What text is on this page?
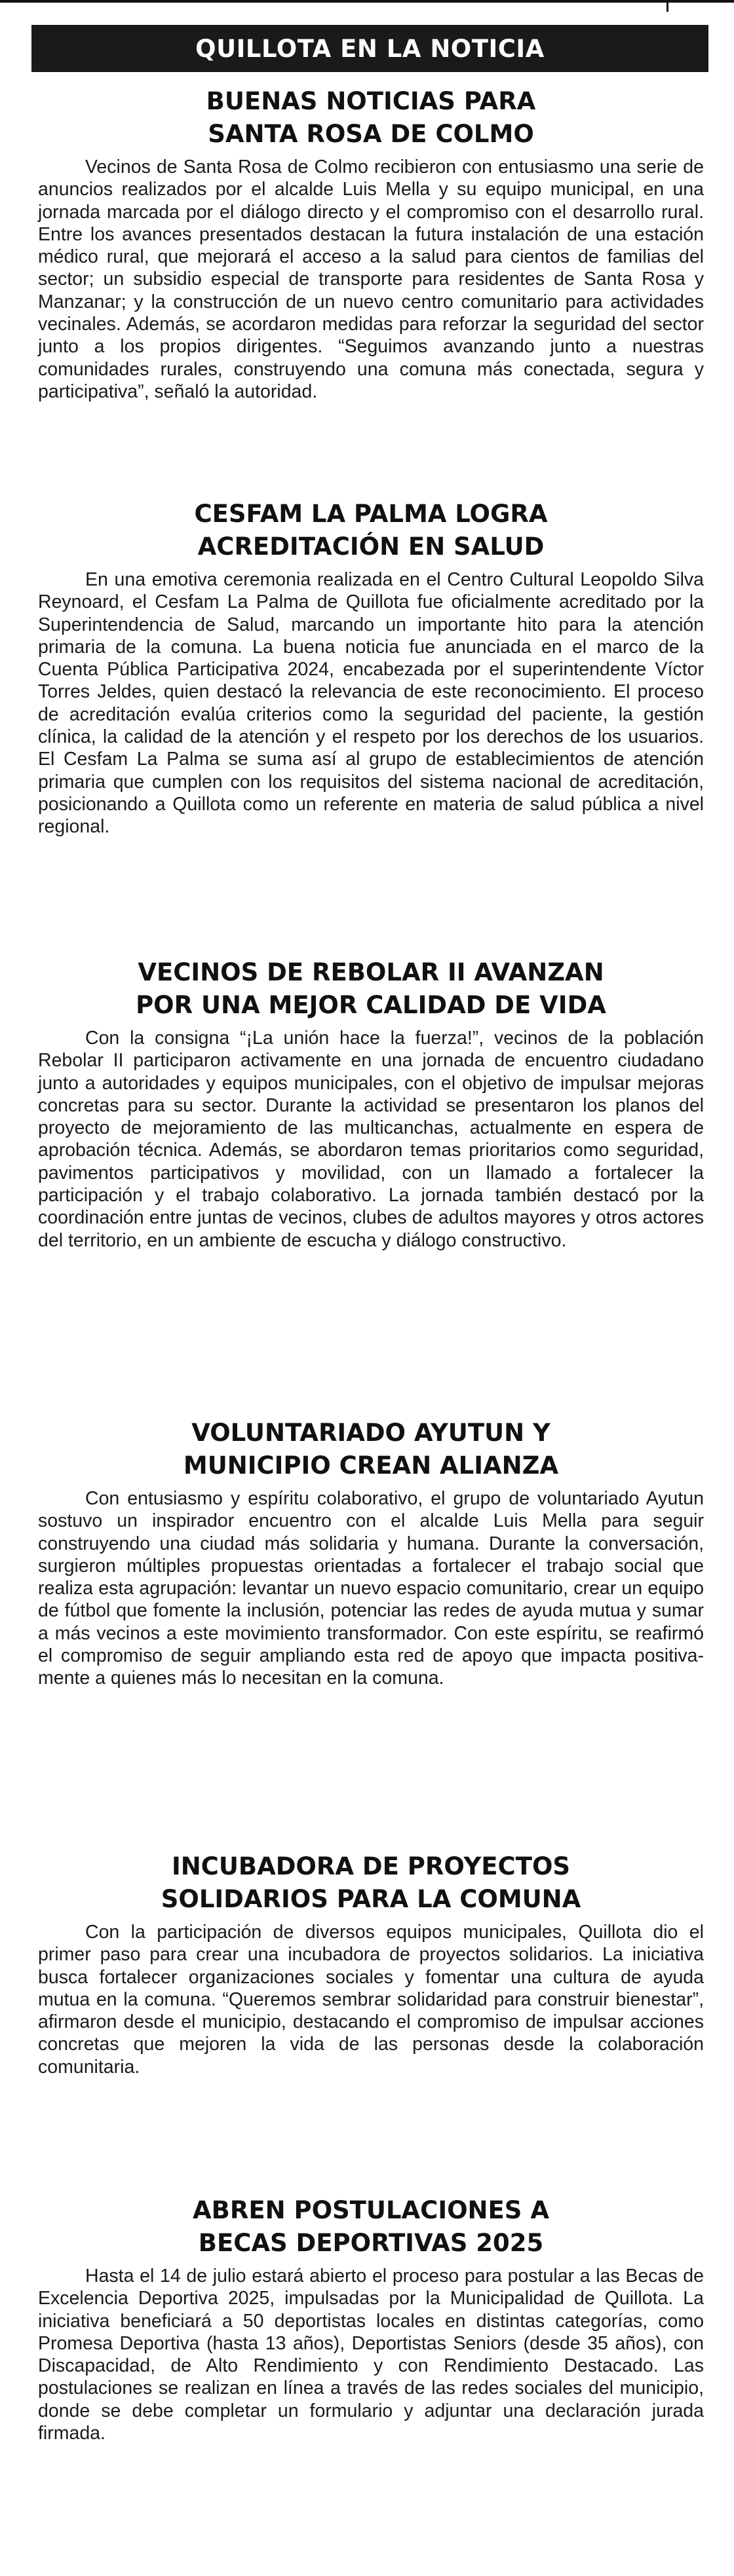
QUILLOTA EN LA NOTICIA
BUENAS NOTICIAS PARA
SANTA ROSA DE COLMO

Vecinos de Santa Rosa de Colmo recibieron con entusiasmo una serie de anuncios realizados por el alcalde Luis Mella y su equipo municipal, en una jornada marcada por el diálogo directo y el compromiso con el desarrollo rural. Entre los avances presentados destacan la futura instalación de una estación médico rural, que mejorará el acceso a la salud para cientos de familias del sector; un subsidio especial de transporte para residentes de Santa Rosa y Manzanar; y la construcción de un nuevo centro comunitario para actividades vecinales. Además, se acordaron medidas para reforzar la seguridad del sector junto a los propios dirigentes. “Seguimos avanzando junto a nuestras comunidades rurales, construyendo una comuna más conectada, segura y participativa”, señaló la autoridad.

CESFAM LA PALMA LOGRA
ACREDITACIÓN EN SALUD

En una emotiva ceremonia realizada en el Centro Cultural Leopoldo Silva Reynoard, el Cesfam La Palma de Quillota fue oficialmente acreditado por la Superintendencia de Salud, marcando un importante hito para la atención primaria de la comuna. La buena noticia fue anunciada en el marco de la Cuenta Pública Participativa 2024, encabezada por el superintendente Víctor Torres Jeldes, quien destacó la relevancia de este reconocimiento. El proceso de acreditación evalúa criterios como la seguridad del paciente, la gestión clínica, la calidad de la atención y el respeto por los derechos de los usuarios. El Cesfam La Palma se suma así al grupo de establecimientos de atención primaria que cumplen con los requisitos del sistema nacional de acreditación, posicionando a Quillota como un referente en materia de salud pública a nivel regional.

VECINOS DE REBOLAR II AVANZAN
POR UNA MEJOR CALIDAD DE VIDA

Con la consigna “¡La unión hace la fuerza!”, vecinos de la población Rebolar II participaron activamente en una jornada de encuentro ciudadano junto a autoridades y equipos municipales, con el objetivo de impulsar mejoras concretas para su sector. Durante la actividad se presentaron los planos del proyecto de mejoramiento de las multicanchas, actualmente en espera de aprobación técnica. Además, se abordaron temas prioritarios como seguridad, pavimentos participativos y movilidad, con un llamado a fortalecer la participación y el trabajo colaborativo. La jornada también destacó por la coordinación entre juntas de vecinos, clubes de adultos mayores y otros actores del territorio, en un ambiente de escucha y diálogo constructivo.

VOLUNTARIADO AYUTUN Y
MUNICIPIO CREAN ALIANZA

Con entusiasmo y espíritu colaborativo, el grupo de voluntariado Ayutun sostuvo un inspirador encuentro con el alcalde Luis Mella para seguir construyendo una ciudad más solidaria y humana. Durante la conversación, surgieron múltiples propuestas orientadas a fortalecer el trabajo social que realiza esta agrupación: levantar un nuevo espacio comunitario, crear un equipo de fútbol que fomente la inclusión, potenciar las redes de ayuda mutua y sumar a más vecinos a este movimiento transformador. Con este espíritu, se reafirmó el compromiso de seguir ampliando esta red de apoyo que impacta positivamente a quienes más lo necesitan en la comuna.

INCUBADORA DE PROYECTOS
SOLIDARIOS PARA LA COMUNA

Con la participación de diversos equipos municipales, Quillota dio el primer paso para crear una incubadora de proyectos solidarios. La iniciativa busca fortalecer organizaciones sociales y fomentar una cultura de ayuda mutua en la comuna. “Queremos sembrar solidaridad para construir bienestar”, afirmaron desde el municipio, destacando el compromiso de impulsar acciones concretas que mejoren la vida de las personas desde la colaboración comunitaria.

ABREN POSTULACIONES A
BECAS DEPORTIVAS 2025

Hasta el 14 de julio estará abierto el proceso para postular a las Becas de Excelencia Deportiva 2025, impulsadas por la Municipalidad de Quillota. La iniciativa beneficiará a 50 deportistas locales en distintas categorías, como Promesa Deportiva (hasta 13 años), Deportistas Seniors (desde 35 años), con Discapacidad, de Alto Rendimiento y con Rendimiento Destacado. Las postulaciones se realizan en línea a través de las redes sociales del municipio, donde se debe completar un formulario y adjuntar una declaración jurada firmada.
